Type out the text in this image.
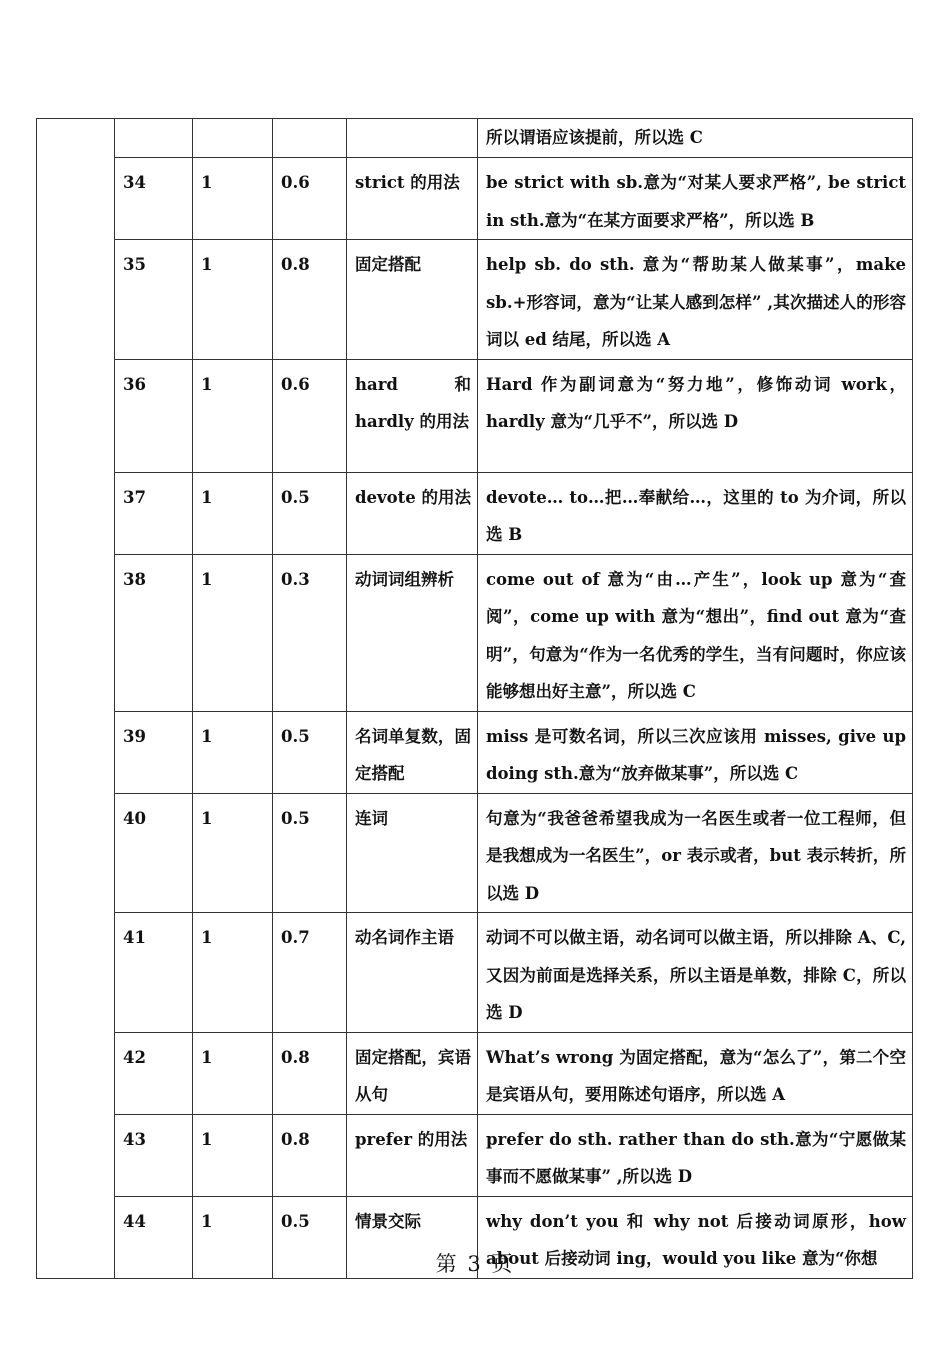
					所以谓语应该提前，所以选 C
	34	1	0.6	strict 的用法	be strict with sb.意为“对某人要求严格”, be strict in sth.意为“在某方面要求严格”，所以选 B
	35	1	0.8	固定搭配	help sb. do sth. 意为“帮助某人做某事”，make sb.+形容词，意为“让某人感到怎样” ,其次描述人的形容词以 ed 结尾，所以选 A
	36	1	0.6	hard 和 hardly 的用法	Hard 作为副词意为“努力地”，修饰动词 work，hardly 意为“几乎不”，所以选 D
	37	1	0.5	devote 的用法	devote… to…把…奉献给…，这里的 to 为介词，所以选 B
	38	1	0.3	动词词组辨析	come out of 意为“由…产生”，look up 意为“查阅”，come up with 意为“想出”，find out 意为“查明”，句意为“作为一名优秀的学生，当有问题时，你应该能够想出好主意”，所以选 C
	39	1	0.5	名词单复数，固定搭配	miss 是可数名词，所以三次应该用 misses, give up doing sth.意为“放弃做某事”，所以选 C
	40	1	0.5	连词	句意为“我爸爸希望我成为一名医生或者一位工程师，但是我想成为一名医生”，or 表示或者，but 表示转折，所以选 D
	41	1	0.7	动名词作主语	动词不可以做主语，动名词可以做主语，所以排除 A、C,又因为前面是选择关系，所以主语是单数，排除 C，所以选 D
	42	1	0.8	固定搭配，宾语从句	What’s wrong 为固定搭配，意为“怎么了”，第二个空是宾语从句，要用陈述句语序，所以选 A
	43	1	0.8	prefer 的用法	prefer do sth. rather than do sth.意为“宁愿做某事而不愿做某事” ,所以选 D
	44	1	0.5	情景交际	why don’t you 和 why not 后接动词原形，how about 后接动词 ing，would you like 意为“你想
第 3 页
